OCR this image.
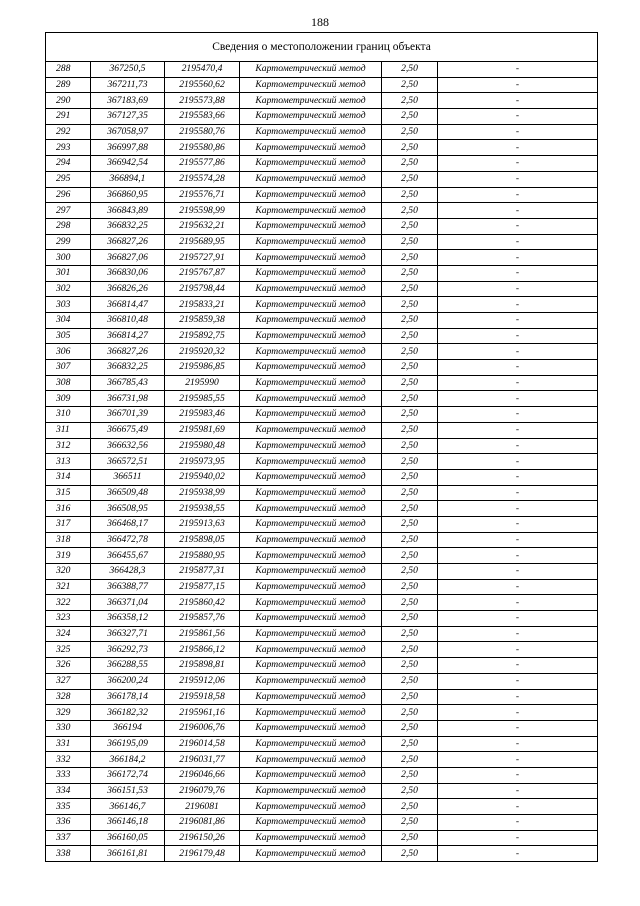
188
Сведения о местоположении границ объекта					
288	367250,5	2195470,4	Картометрический метод	2,50	-
289	367211,73	2195560,62	Картометрический метод	2,50	-
290	367183,69	2195573,88	Картометрический метод	2,50	-
291	367127,35	2195583,66	Картометрический метод	2,50	-
292	367058,97	2195580,76	Картометрический метод	2,50	-
293	366997,88	2195580,86	Картометрический метод	2,50	-
294	366942,54	2195577,86	Картометрический метод	2,50	-
295	366894,1	2195574,28	Картометрический метод	2,50	-
296	366860,95	2195576,71	Картометрический метод	2,50	-
297	366843,89	2195598,99	Картометрический метод	2,50	-
298	366832,25	2195632,21	Картометрический метод	2,50	-
299	366827,26	2195689,95	Картометрический метод	2,50	-
300	366827,06	2195727,91	Картометрический метод	2,50	-
301	366830,06	2195767,87	Картометрический метод	2,50	-
302	366826,26	2195798,44	Картометрический метод	2,50	-
303	366814,47	2195833,21	Картометрический метод	2,50	-
304	366810,48	2195859,38	Картометрический метод	2,50	-
305	366814,27	2195892,75	Картометрический метод	2,50	-
306	366827,26	2195920,32	Картометрический метод	2,50	-
307	366832,25	2195986,85	Картометрический метод	2,50	-
308	366785,43	2195990	Картометрический метод	2,50	-
309	366731,98	2195985,55	Картометрический метод	2,50	-
310	366701,39	2195983,46	Картометрический метод	2,50	-
311	366675,49	2195981,69	Картометрический метод	2,50	-
312	366632,56	2195980,48	Картометрический метод	2,50	-
313	366572,51	2195973,95	Картометрический метод	2,50	-
314	366511	2195940,02	Картометрический метод	2,50	-
315	366509,48	2195938,99	Картометрический метод	2,50	-
316	366508,95	2195938,55	Картометрический метод	2,50	-
317	366468,17	2195913,63	Картометрический метод	2,50	-
318	366472,78	2195898,05	Картометрический метод	2,50	-
319	366455,67	2195880,95	Картометрический метод	2,50	-
320	366428,3	2195877,31	Картометрический метод	2,50	-
321	366388,77	2195877,15	Картометрический метод	2,50	-
322	366371,04	2195860,42	Картометрический метод	2,50	-
323	366358,12	2195857,76	Картометрический метод	2,50	-
324	366327,71	2195861,56	Картометрический метод	2,50	-
325	366292,73	2195866,12	Картометрический метод	2,50	-
326	366288,55	2195898,81	Картометрический метод	2,50	-
327	366200,24	2195912,06	Картометрический метод	2,50	-
328	366178,14	2195918,58	Картометрический метод	2,50	-
329	366182,32	2195961,16	Картометрический метод	2,50	-
330	366194	2196006,76	Картометрический метод	2,50	-
331	366195,09	2196014,58	Картометрический метод	2,50	-
332	366184,2	2196031,77	Картометрический метод	2,50	-
333	366172,74	2196046,66	Картометрический метод	2,50	-
334	366151,53	2196079,76	Картометрический метод	2,50	-
335	366146,7	2196081	Картометрический метод	2,50	-
336	366146,18	2196081,86	Картометрический метод	2,50	-
337	366160,05	2196150,26	Картометрический метод	2,50	-
338	366161,81	2196179,48	Картометрический метод	2,50	-
